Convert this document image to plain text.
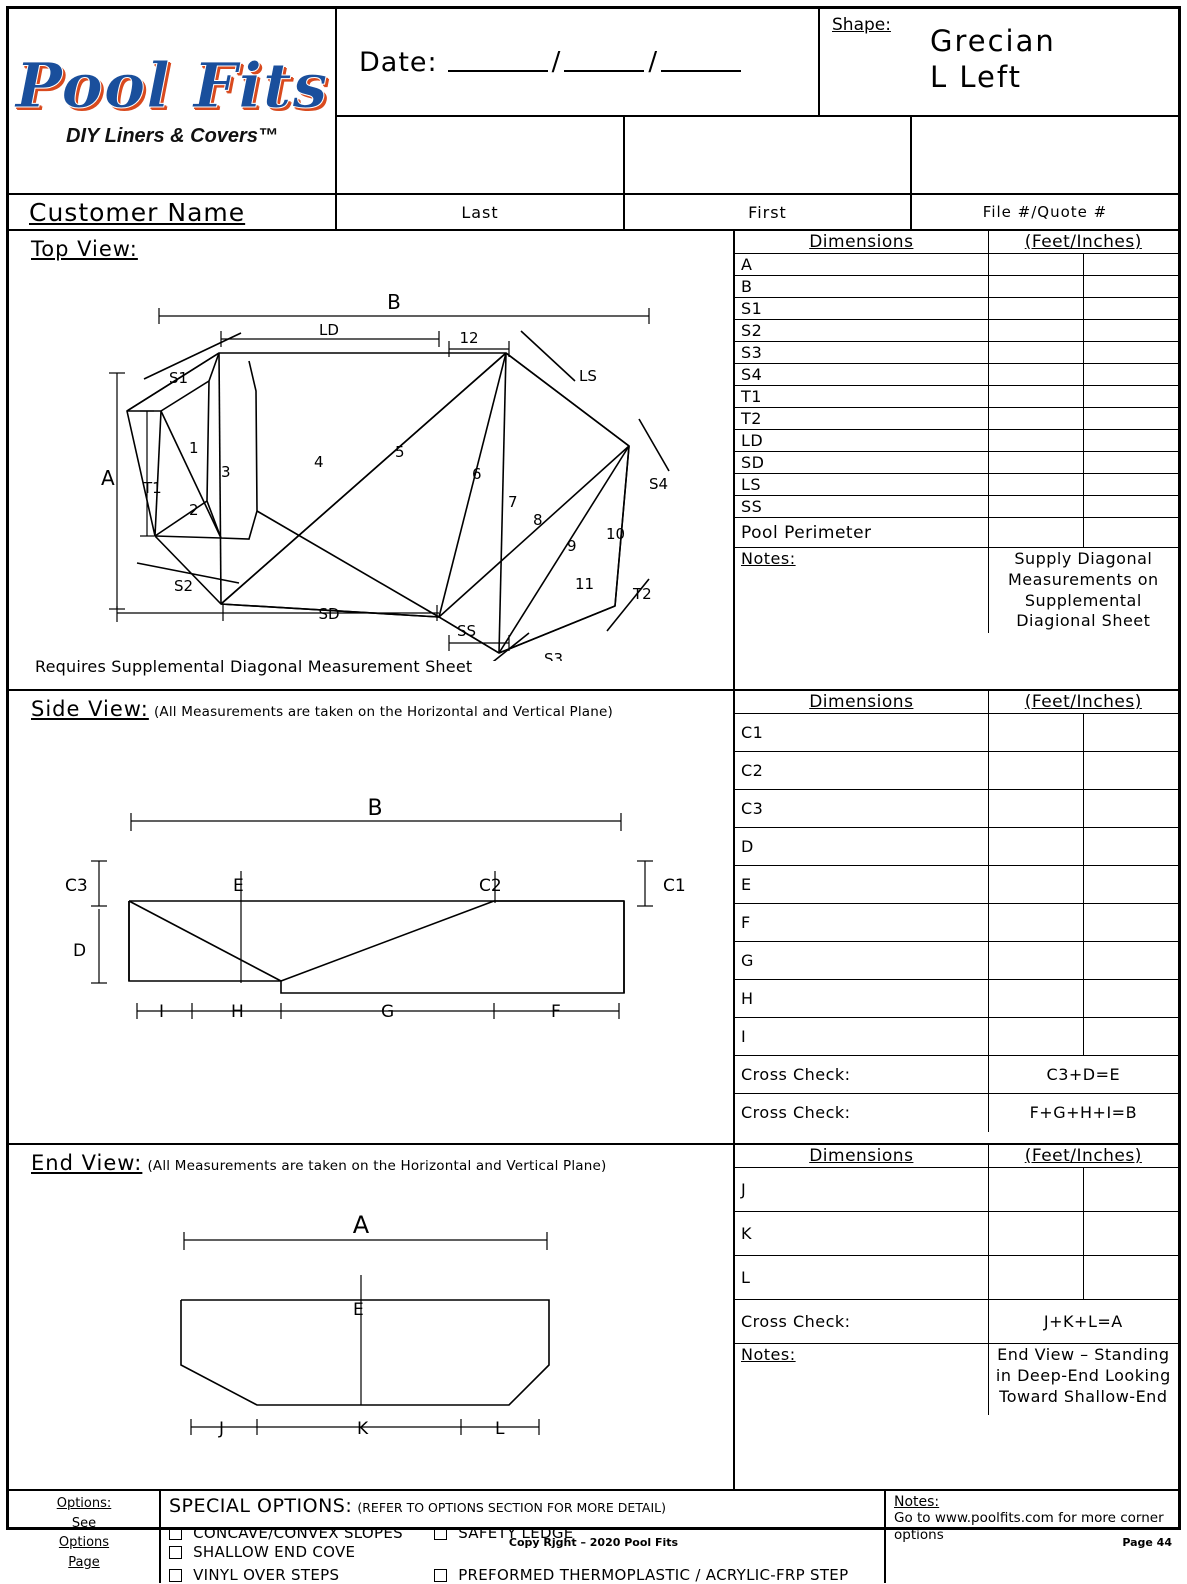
Pool Fits
DIY Liners & Covers™
Date:	/	/
Shape: Grecian
L Left
Customer Name	Last	First	File #/Quote #
Top View:
B
A
LD
SD
12
LS
SS
S3
S1
S2
S4
T1
T2
1
2
3
4
5
6
7
8
9
10
11
Requires Supplemental Diagonal Measurement Sheet
Dimensions	(Feet/Inches)	
A		
B		
S1		
S2		
S3		
S4		
T1		
T2		
LD		
SD		
LS		
SS		
Pool Perimeter		
Notes:	Supply Diagonal Measurements on Supplemental Diagional Sheet	
Side View: (All Measurements are taken on the Horizontal and Vertical Plane)
B
C3
D
C1
C2
E
I	H	G	F
Dimensions	(Feet/Inches)	
C1		
C2		
C3		
D		
E		
F		
G		
H		
I		
Cross Check:	C3+D=E	
Cross Check:	F+G+H+I=B	
End View: (All Measurements are taken on the Horizontal and Vertical Plane)
A
E
J	K	L
Dimensions	(Feet/Inches)	
J		
K		
L		
Cross Check:	J+K+L=A	
Notes:	End View – Standing in Deep-End Looking Toward Shallow-End	
Options:
See
Options
Page
SPECIAL OPTIONS: (REFER TO OPTIONS SECTION FOR MORE DETAIL)
CONCAVE/CONVEX SLOPES	SAFETY LEDGE  SHALLOW END COVE
VINYL OVER STEPS	PREFORMED THERMOPLASTIC / ACRYLIC-FRP STEP
Notes:
Go to www.poolfits.com for more corner options
Copy Rjght – 2020 Pool Fits	Page 44
